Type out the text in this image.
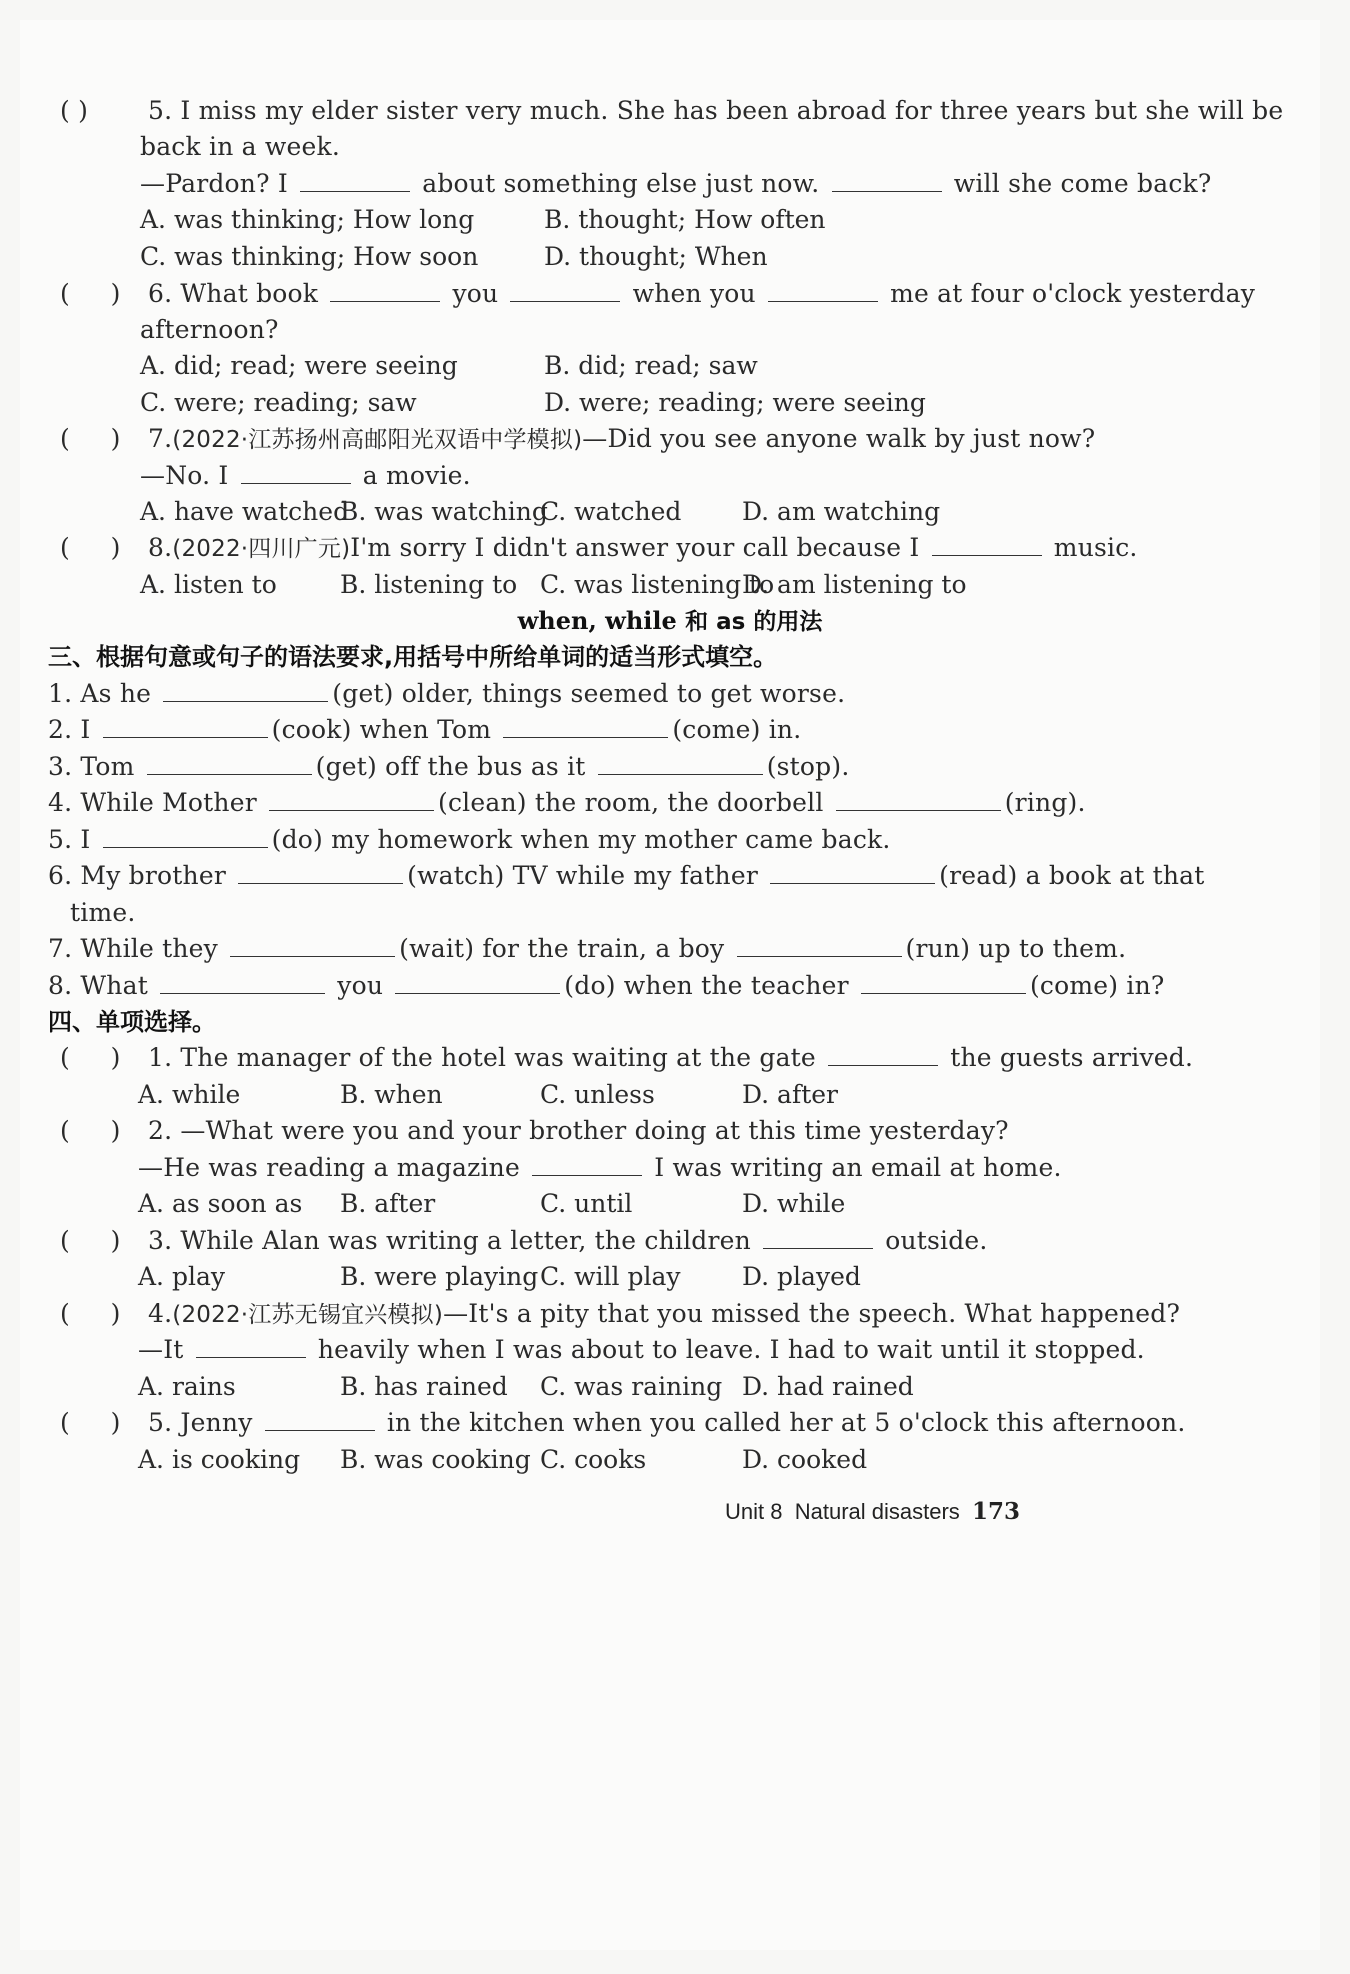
( ) 5. I miss my elder sister very much. She has been abroad for three years but she will be
back in a week.
—Pardon? I	about something else just now.	will she come back?
A. was thinking; How long	B. thought; How often
C. was thinking; How soon	D. thought; When
(     ) 6. What book	you	when you	me at four o'clock yesterday
afternoon?
A. did; read; were seeing	B. did; read; saw
C. were; reading; saw	D. were; reading; were seeing
(     ) 7.(2022·江苏扬州高邮阳光双语中学模拟)—Did you see anyone walk by just now?
—No. I	a movie.
A. have watched
B. was watching
C. watched D. am watching
(     ) 8.(2022·四川广元)I'm sorry I didn't answer your call because I	music.
A. listen to	B. listening to C. was listening to
D. am listening to
when, while 和 as 的用法
三、根据句意或句子的语法要求,用括号中所给单词的适当形式填空。
1. As he	(get) older, things seemed to get worse.
2. I	(cook) when Tom	(come) in.
3. Tom	(get) off the bus as it	(stop).
4. While Mother	(clean) the room, the doorbell	(ring).
5. I	(do) my homework when my mother came back.
6. My brother	(watch) TV while my father	(read) a book at that
time.
7. While they	(wait) for the train, a boy	(run) up to them.
8. What	you	(do) when the teacher	(come) in?
四、单项选择。
(     ) 1. The manager of the hotel was waiting at the gate	the guests arrived.
A. while	B. when	C. unless	D. after
(     ) 2. —What were you and your brother doing at this time yesterday?
—He was reading a magazine	I was writing an email at home.
A. as soon as B. after	C. until	D. while
(     ) 3. While Alan was writing a letter, the children	outside.
A. play	B. were playing C. will play D. played
(     ) 4.(2022·江苏无锡宜兴模拟)—It's a pity that you missed the speech. What happened?
—It	heavily when I was about to leave. I had to wait until it stopped.
A. rains	B. has rained C. was raining D. had rained
(     ) 5. Jenny	in the kitchen when you called her at 5 o'clock this afternoon.
A. is cooking B. was cooking C. cooks	D. cooked
Unit 8 Natural disasters 173
